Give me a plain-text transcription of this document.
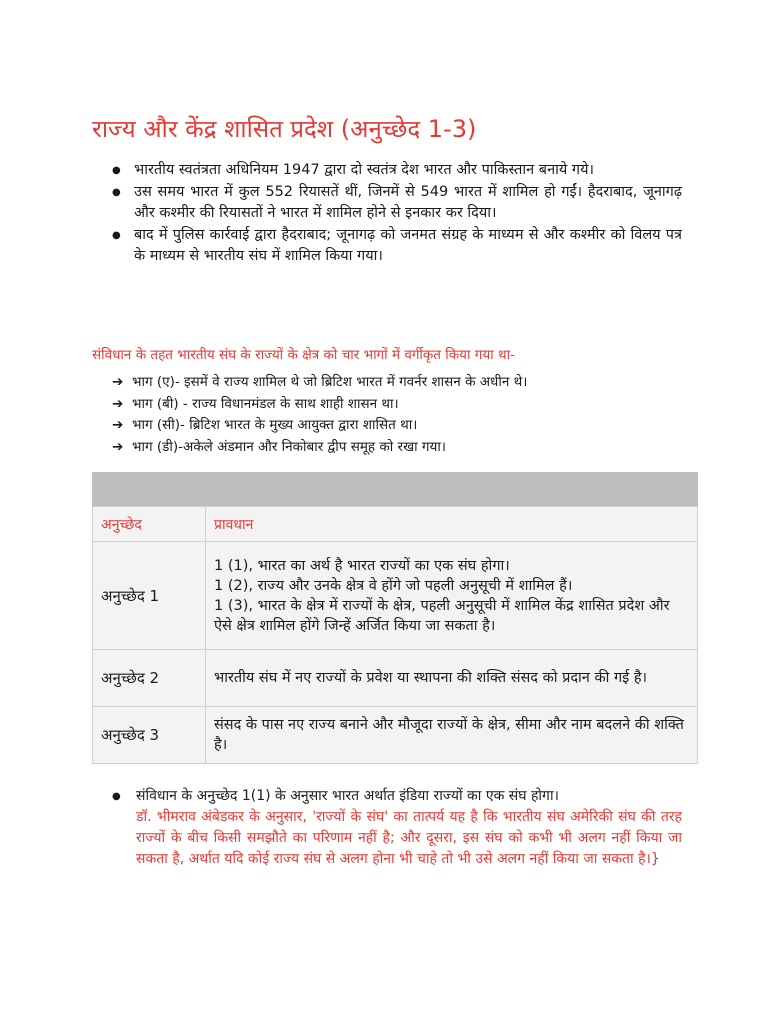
राज्य और केंद्र शासित प्रदेश (अनुच्छेद 1-3)
● भारतीय स्वतंत्रता अधिनियम 1947 द्वारा दो स्वतंत्र देश भारत और पाकिस्तान बनाये गये।
● उस समय भारत में कुल 552 रियासतें थीं, जिनमें से 549 भारत में शामिल हो गईं। हैदराबाद, जूनागढ़ और कश्मीर की रियासतों ने भारत में शामिल होने से इनकार कर दिया।
● बाद में पुलिस कार्रवाई द्वारा हैदराबाद; जूनागढ़ को जनमत संग्रह के माध्यम से और कश्मीर को विलय पत्र के माध्यम से भारतीय संघ में शामिल किया गया।
संविधान के तहत भारतीय संघ के राज्यों के क्षेत्र को चार भागों में वर्गीकृत किया गया था-
➔ भाग (ए)- इसमें वे राज्य शामिल थे जो ब्रिटिश भारत में गवर्नर शासन के अधीन थे।
➔ भाग (बी) - राज्य विधानमंडल के साथ शाही शासन था।
➔ भाग (सी)- ब्रिटिश भारत के मुख्य आयुक्त द्वारा शासित था।
➔ भाग (डी)-अकेले अंडमान और निकोबार द्वीप समूह को रखा गया।
अनुच्छेद	प्रावधान
अनुच्छेद 1	1 (1), भारत का अर्थ है भारत राज्यों का एक संघ होगा।
1 (2), राज्य और उनके क्षेत्र वे होंगे जो पहली अनुसूची में शामिल हैं।
1 (3), भारत के क्षेत्र में राज्यों के क्षेत्र, पहली अनुसूची में शामिल केंद्र शासित प्रदेश और ऐसे क्षेत्र शामिल होंगे जिन्हें अर्जित किया जा सकता है।

अनुच्छेद 2	भारतीय संघ में नए राज्यों के प्रवेश या स्थापना की शक्ति संसद को प्रदान की गई है।
अनुच्छेद 3	संसद के पास नए राज्य बनाने और मौजूदा राज्यों के क्षेत्र, सीमा और नाम बदलने की शक्ति है।
● संविधान के अनुच्छेद 1(1) के अनुसार भारत अर्थात इंडिया राज्यों का एक संघ होगा।
डॉ. भीमराव अंबेडकर के अनुसार, 'राज्यों के संघ' का तात्पर्य यह है कि भारतीय संघ अमेरिकी संघ की तरह राज्यों के बीच किसी समझौते का परिणाम नहीं है; और दूसरा, इस संघ को कभी भी अलग नहीं किया जा सकता है, अर्थात यदि कोई राज्य संघ से अलग होना भी चाहे तो भी उसे अलग नहीं किया जा सकता है।}
